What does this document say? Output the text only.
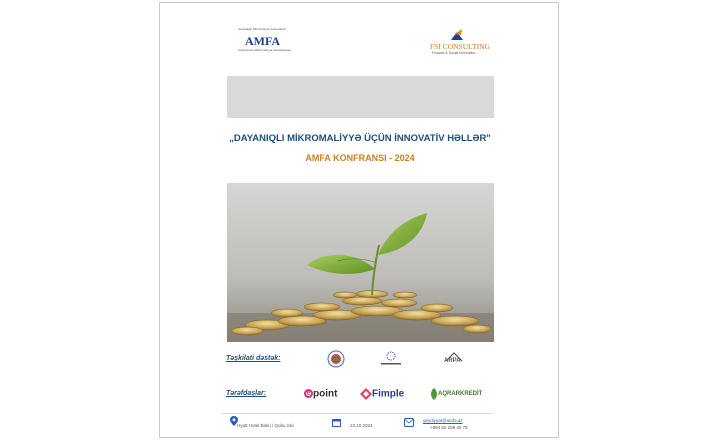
Azerbaijan Microfinance Association
AMFA
Azərbaycan Mikromaliyyə Assosiasiyası	FSI CONSULTING
Finance & Social Innovation
„DAYANIQLI MİKROMALİYYƏ ÜÇÜN İNNOVATİV HƏLLƏR"
AMFA KONFRANSI - 2024
Təşkilati dəstək:	ARPA
Tərəfdaşlar:	e point	Fimple	AQRARKREDİT
Hyatt Hotel Baku / Qobu zalı	23.10.2024
qeydiyyat@amfa.az
+994 50 208 40 75
